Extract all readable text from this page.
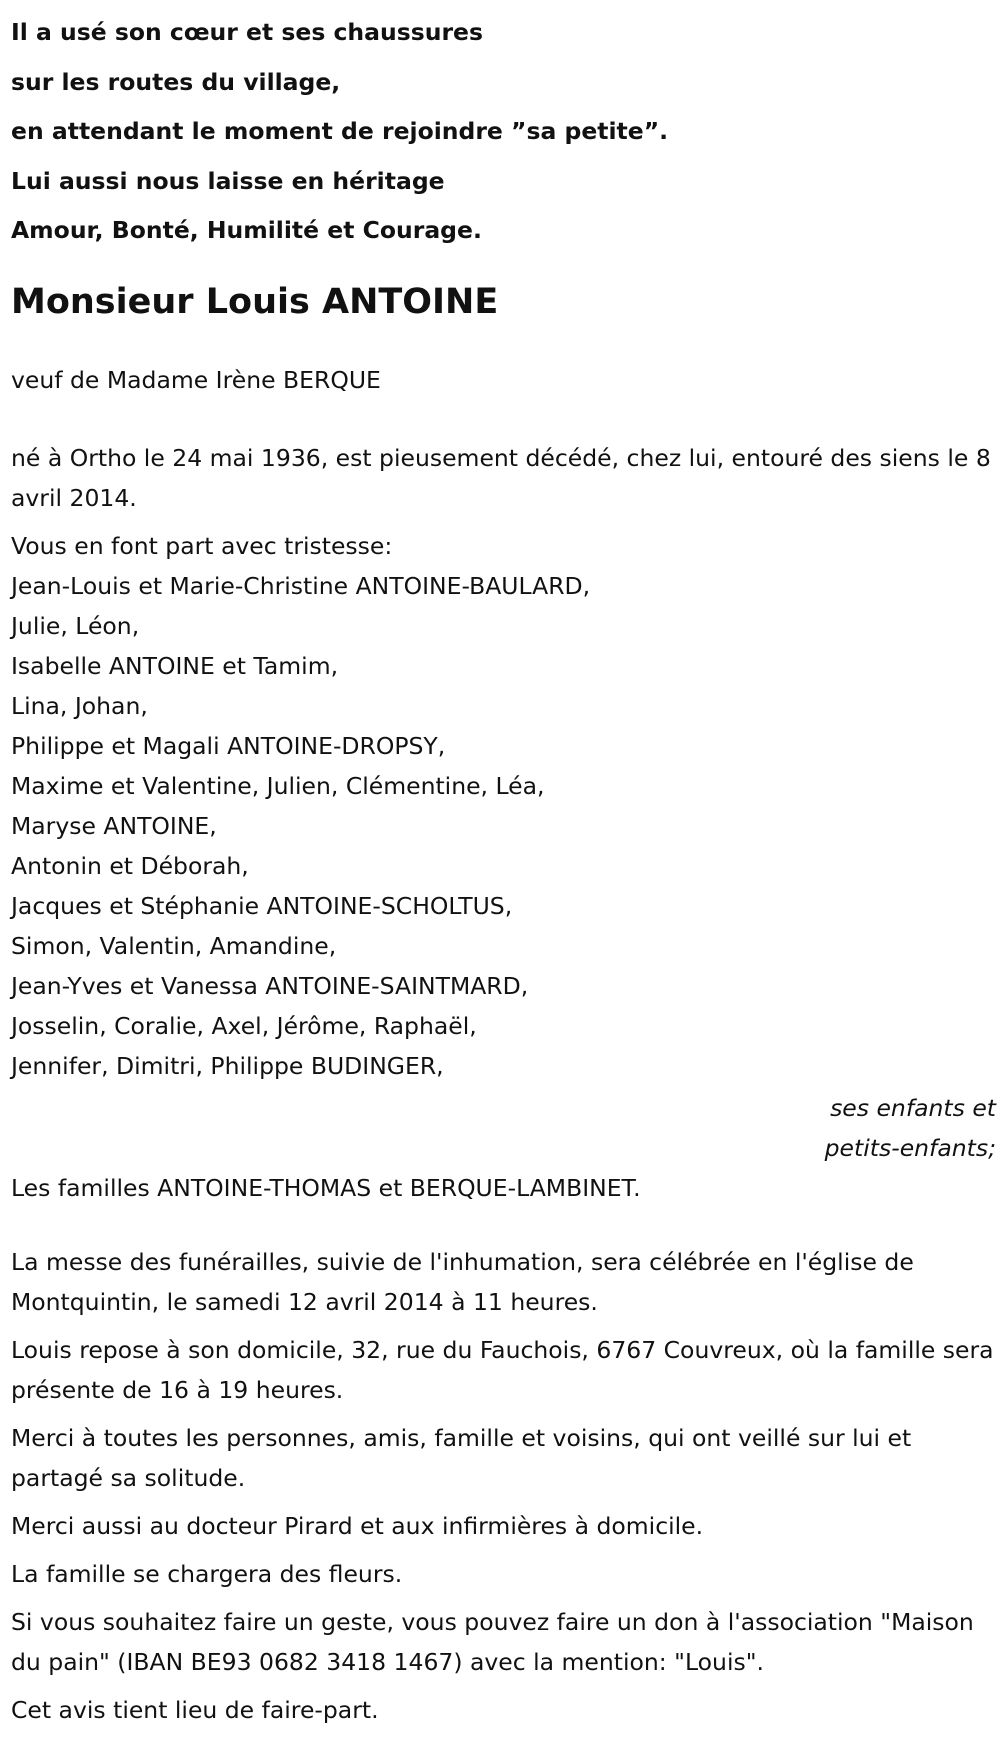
Il a usé son cœur et ses chaussures
sur les routes du village,
en attendant le moment de rejoindre ”sa petite”.
Lui aussi nous laisse en héritage
Amour, Bonté, Humilité et Courage.
Monsieur Louis ANTOINE
veuf de Madame Irène BERQUE
né à Ortho le 24 mai 1936, est pieusement décédé, chez lui, entouré des siens le 8 avril 2014.
Vous en font part avec tristesse:
Jean-Louis et Marie-Christine ANTOINE-BAULARD,
Julie, Léon,
Isabelle ANTOINE et Tamim,
Lina, Johan,
Philippe et Magali ANTOINE-DROPSY,
Maxime et Valentine, Julien, Clémentine, Léa,
Maryse ANTOINE,
Antonin et Déborah,
Jacques et Stéphanie ANTOINE-SCHOLTUS,
Simon, Valentin, Amandine,
Jean-Yves et Vanessa ANTOINE-SAINTMARD,
Josselin, Coralie, Axel, Jérôme, Raphaël,
Jennifer, Dimitri, Philippe BUDINGER,
ses enfants et
petits-enfants;
Les familles ANTOINE-THOMAS et BERQUE-LAMBINET.
La messe des funérailles, suivie de l'inhumation, sera célébrée en l'église de Montquintin, le samedi 12 avril 2014 à 11 heures.
Louis repose à son domicile, 32, rue du Fauchois, 6767 Couvreux, où la famille sera présente de 16 à 19 heures.
Merci à toutes les personnes, amis, famille et voisins, qui ont veillé sur lui et partagé sa solitude.
Merci aussi au docteur Pirard et aux infirmières à domicile.
La famille se chargera des fleurs.
Si vous souhaitez faire un geste, vous pouvez faire un don à l'association "Maison du pain" (IBAN BE93 0682 3418 1467) avec la mention: "Louis".
Cet avis tient lieu de faire-part.
